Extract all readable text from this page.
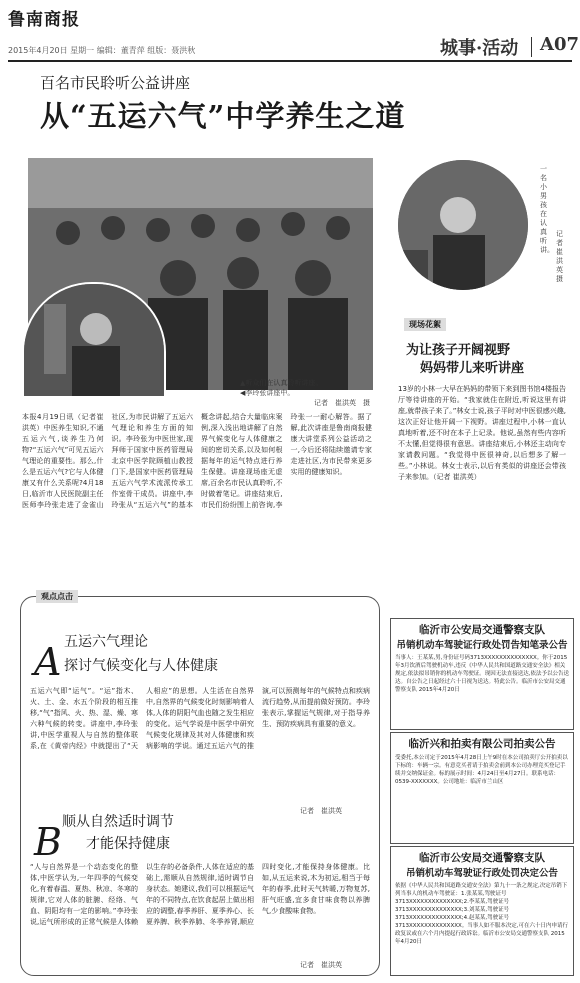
鲁南商报
2015年4月20日 星期一 编辑：董青萍 组版：聂洪秋	城事·活动 A07
百名市民聆听公益讲座
从“五运六气”中学养生之道
▲听众们在认真聆听讲座。
◀李玲张讲座中。
记者　崔洪英　摄
本报4月19日讯（记者崔洪英）中医养生知识,不通五运六气,谈养生乃何物?“五运六气”可见五运六气理论的重要性。那么,什么是五运六气?它与人体健康又有什么关系呢?4月18日,临沂市人民医院副主任医师李玲张走进了金雀山社区,为市民讲解了五运六气理论和养生方面的知识。李玲张为中医世家,现拜师于国家中医药管理局北京中医学院顾植山教授门下,是国家中医药管理局五运六气学术流派传承工作室骨干成员。讲座中,李玲张从“五运六气”的基本概念讲起,结合大量临床案例,深入浅出地讲解了自然界气候变化与人体健康之间的密切关系,以及如何根据每年的运气特点进行养生保健。讲座现场座无虚席,百余名市民认真聆听,不时做着笔记。讲座结束后,市民们纷纷围上前咨询,李玲张一一耐心解答。据了解,此次讲座是鲁南商报健康大讲堂系列公益活动之一,今后还将陆续邀请专家走进社区,为市民带来更多实用的健康知识。
一名小男孩在认真听讲。
记者　崔洪英　摄
现场花絮
为让孩子开阔视野
妈妈带儿来听讲座
13岁的小林一大早在妈妈的带领下来到图书馆4楼报告厅等待讲座的开始。“我家就住在附近,听说这里有讲座,就带孩子来了。”林女士说,孩子平时对中医很感兴趣,这次正好让他开阔一下视野。讲座过程中,小林一直认真地听着,还不时在本子上记录。他说,虽然有些内容听不太懂,但觉得很有意思。讲座结束后,小林还主动向专家请教问题。“我觉得中医很神奇,以后想多了解一些。”小林说。林女士表示,以后有类似的讲座还会带孩子来参加。（记者 崔洪英）
观点点击
A 五运六气理论
探讨气候变化与人体健康
五运六气即“运气”。“运”指木、火、土、金、水五个阶段的相互推移,“气”指风、火、热、湿、燥、寒六种气候的转变。讲座中,李玲张讲,中医学重视人与自然的整体联系,在《黄帝内经》中就提出了“天人相应”的思想。人生活在自然界中,自然界的气候变化时刻影响着人体,人体的阴阳气血也随之发生相应的变化。运气学说是中医学中研究气候变化规律及其对人体健康和疾病影响的学说。通过五运六气的推演,可以预测每年的气候特点和疾病流行趋势,从而提前做好预防。李玲张表示,掌握运气规律,对于指导养生、预防疾病具有重要的意义。
记者　崔洪英
B 顺从自然适时调节
才能保持健康
“人与自然界是一个动态变化的整体,中医学认为,一年四季的气候变化,有着春温、夏热、秋凉、冬寒的规律,它对人体的脏腑、经络、气血、阴阳均有一定的影响。”李玲张说,运气所形成的正常气候是人体赖以生存的必备条件,人体在适应的基础上,需顺从自然规律,适时调节自身状态。她建议,我们可以根据运气年的不同特点,在饮食起居上做出相应的调整,春季养肝、夏季养心、长夏养脾、秋季养肺、冬季养肾,顺应四时变化,才能保持身体健康。比如,从五运来说,木为初运,相当于每年的春季,此时天气转暖,万物复苏,肝气旺盛,宜多食甘味食物以养脾气,少食酸味食物。
记者　崔洪英
临沂市公安局交通警察支队
吊销机动车驾驶证行政处罚告知笔录公告
当事人：王某某,男,身份证号码3713XXXXXXXXXXXXXX。你于2015年3月饮酒后驾驶机动车,违反《中华人民共和国道路交通安全法》相关规定,依法拟吊销你的机动车驾驶证。现因无法直接送达,依法予以公告送达。自公告之日起经过六十日视为送达。特此公告。临沂市公安局交通警察支队 2015年4月20日
临沂兴和拍卖有限公司拍卖公告
受委托,本公司定于2015年4月28日上午9时在本公司拍卖厅公开拍卖以下标的：车辆一宗。有意竞买者请于拍卖会前到本公司办理竞买登记手续并交纳保证金。标的展示时间：4月24日至4月27日。联系电话：0539-XXXXXXX。公司地址：临沂市兰山区
临沂市公安局交通警察支队
吊销机动车驾驶证行政处罚决定公告
依据《中华人民共和国道路交通安全法》第九十一条之规定,决定吊销下列当事人的机动车驾驶证：1.张某某,驾驶证号3713XXXXXXXXXXXXXX;2.李某某,驾驶证号3713XXXXXXXXXXXXXX;3.刘某某,驾驶证号3713XXXXXXXXXXXXXX;4.赵某某,驾驶证号3713XXXXXXXXXXXXXX。当事人如不服本决定,可在六十日内申请行政复议或在六个月内提起行政诉讼。临沂市公安局交通警察支队 2015年4月20日
